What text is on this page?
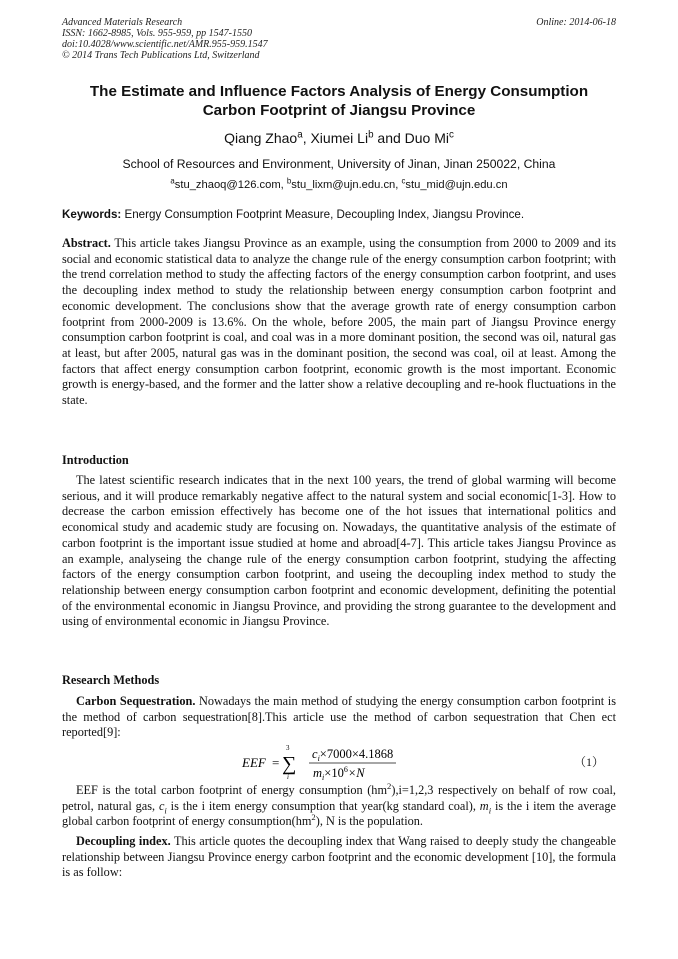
Advanced Materials Research
ISSN: 1662-8985, Vols. 955-959, pp 1547-1550
doi:10.4028/www.scientific.net/AMR.955-959.1547
© 2014 Trans Tech Publications Ltd, Switzerland
Online: 2014-06-18
The Estimate and Influence Factors Analysis of Energy Consumption
Carbon Footprint of Jiangsu Province
Qiang Zhao$^a$, Xiumei Li$^b$ and Duo Mi$^c$
School of Resources and Environment, University of Jinan, Jinan 250022, China
$^a$stu_zhaoq@126.com, $^b$stu_lixm@ujn.edu.cn, $^c$stu_mid@ujn.edu.cn
Keywords: Energy Consumption Footprint Measure, Decoupling Index, Jiangsu Province.
Abstract. This article takes Jiangsu Province as an example, using the consumption from 2000 to 2009 and its social and economic statistical data to analyze the change rule of the energy consumption carbon footprint; with the trend correlation method to study the affecting factors of the energy consumption carbon footprint, and uses the decoupling index method to study the relationship between energy consumption carbon footprint and economic development. The conclusions show that the average growth rate of energy consumption carbon footprint from 2000-2009 is 13.6%. On the whole, before 2005, the main part of Jiangsu Province energy consumption carbon footprint is coal, and coal was in a more dominant position, the second was oil, natural gas at least, but after 2005, natural gas was in the dominant position, the second was coal, oil at least. Among the factors that affect energy consumption carbon footprint, economic growth is the most important. Economic growth is energy-based, and the former and the latter show a relative decoupling and re-hook fluctuations in the state.
Introduction
The latest scientific research indicates that in the next 100 years, the trend of global warming will become serious, and it will produce remarkably negative affect to the natural system and social economic[1-3]. How to decrease the carbon emission effectively has become one of the hot issues that international politics and economical study and academic study are focusing on. Nowadays, the quantitative analysis of the estimate of carbon footprint is the important issue studied at home and abroad[4-7]. This article takes Jiangsu Province as an example, analyseing the change rule of the energy consumption carbon footprint, studying the affecting factors of the energy consumption carbon footprint, and useing the decoupling index method to study the relationship between energy consumption carbon footprint and economic development, definiting the potential of the environmental economic in Jiangsu Province, and providing the strong guarantee to the development and using of environmental economic in Jiangsu Province.
Research Methods
Carbon Sequestration. Nowadays the main method of studying the energy consumption carbon footprint is the method of carbon sequestration[8].This article use the method of carbon sequestration that Chen ect reported[9]:
EEF =
3
∑
i
$c_i\times 7000\times 4.1868$
$m_i\times 10^6\times N$
（1）
EEF is the total carbon footprint of energy consumption $(hm^2),i=1,2,3$ respectively on behalf of row coal, petrol, natural gas, $c_i$ is the i item energy consumption that year(kg standard coal), $m_i$ is the i item the average global carbon footprint of energy $consumption(hm^2)$, N is the population.
Decoupling index. This article quotes the decoupling index that Wang raised to deeply study the changeable relationship between Jiangsu Province energy carbon footprint and the economic development [10], the formula is as follow:
